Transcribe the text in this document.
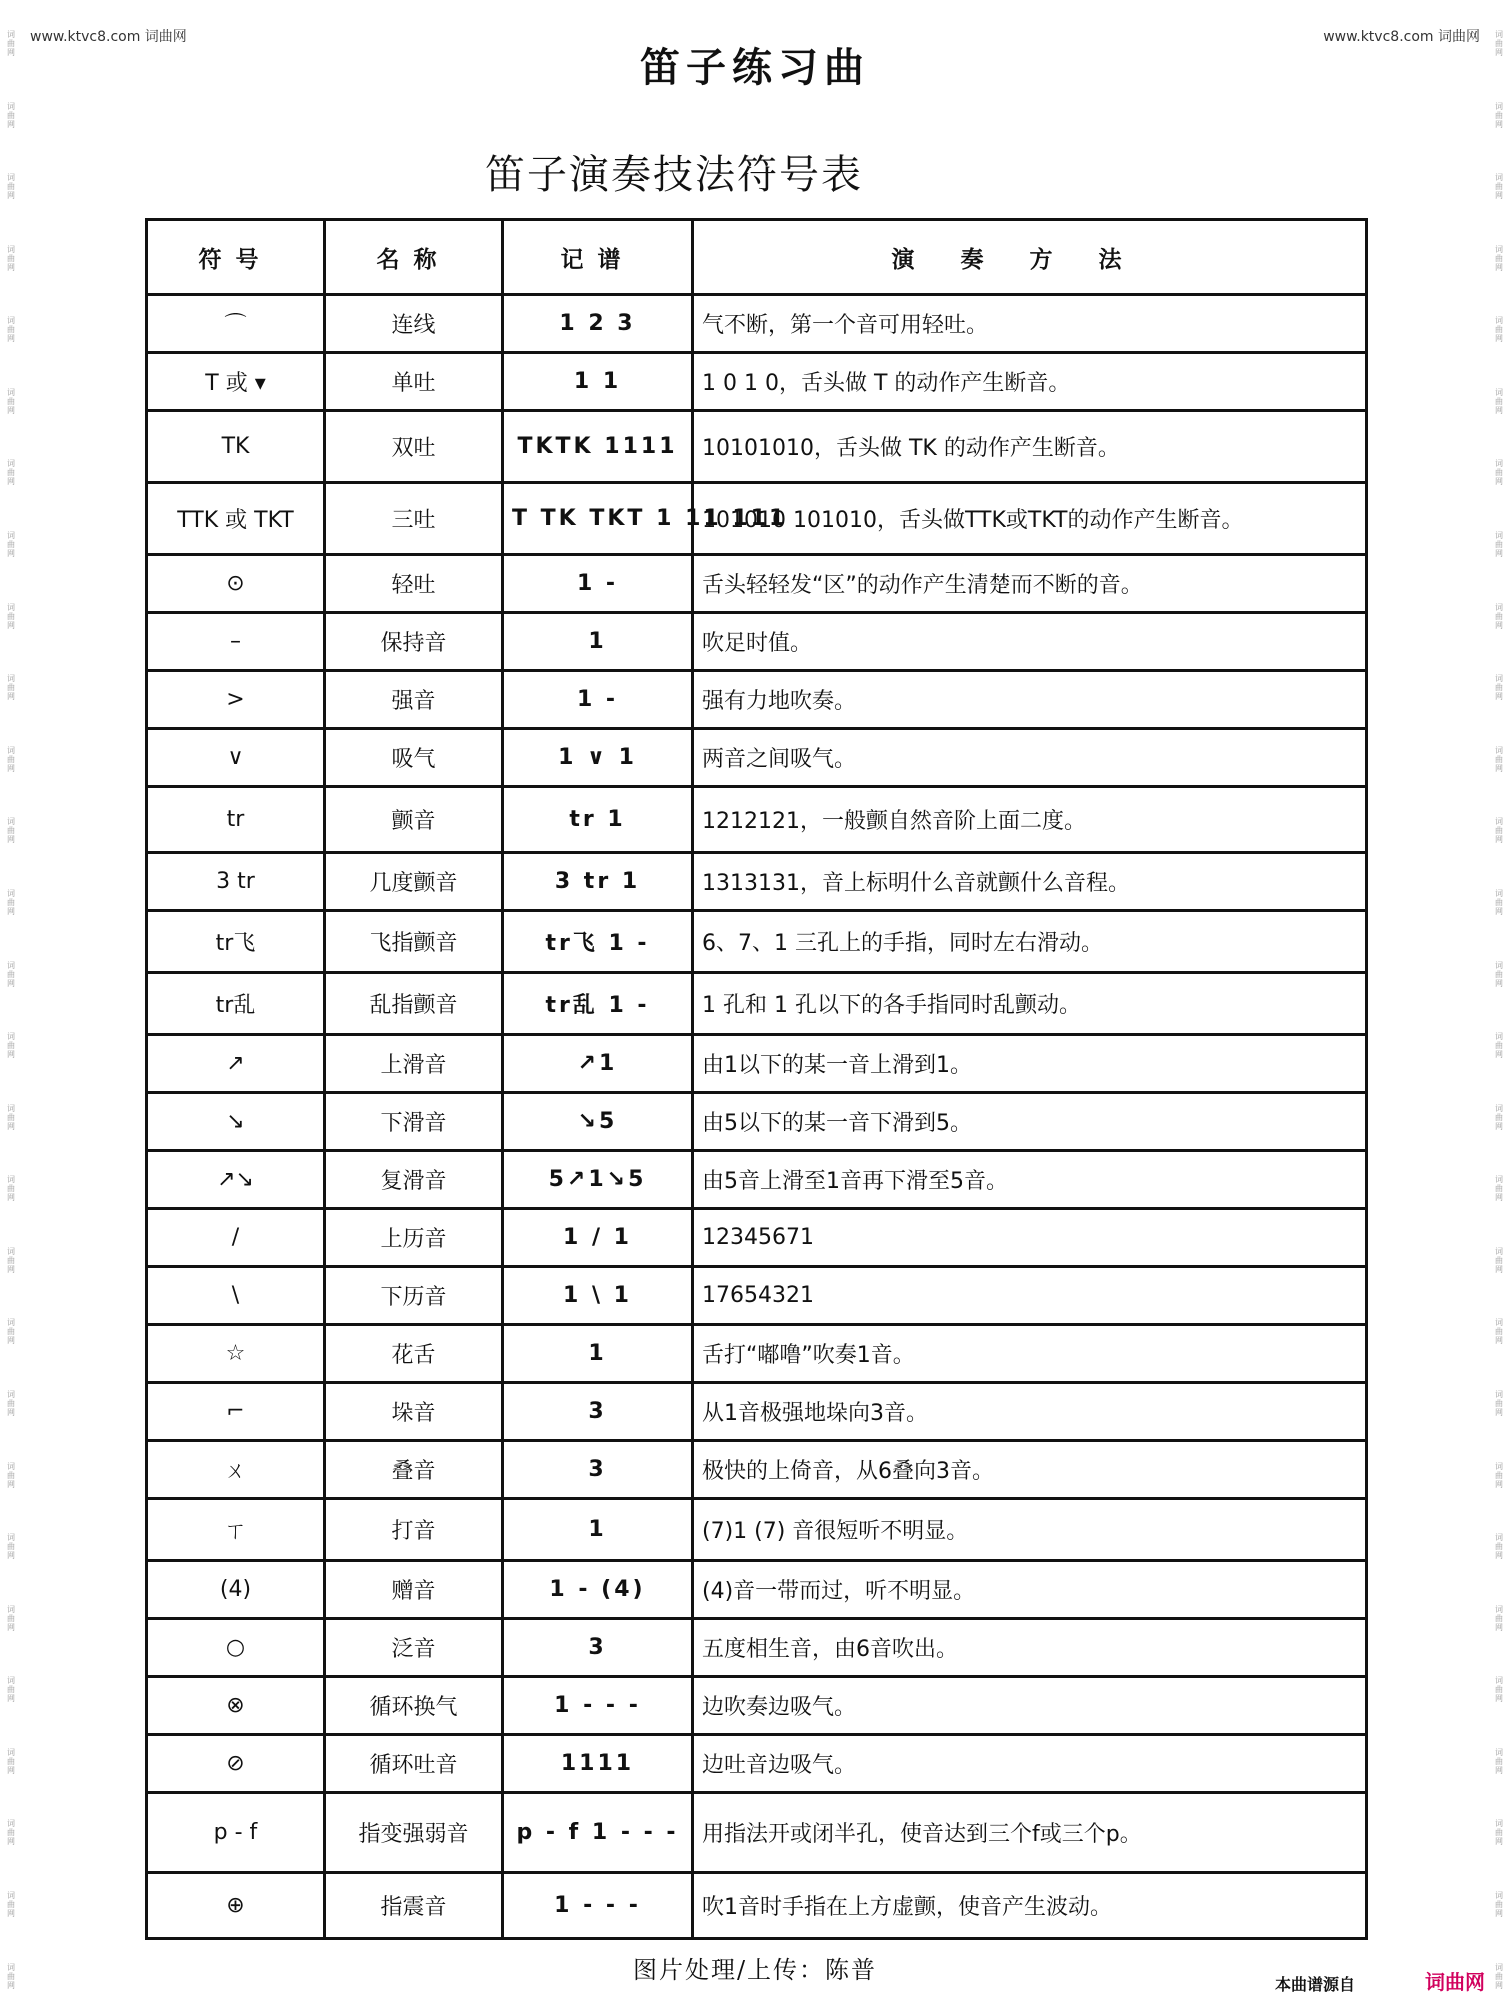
www.ktvc8.com 词曲网	www.ktvc8.com 词曲网
词曲网
词曲网
词曲网
词曲网
词曲网
词曲网
词曲网
词曲网
词曲网
词曲网
词曲网
词曲网
词曲网
词曲网
词曲网
词曲网
词曲网
词曲网
词曲网
词曲网
词曲网
词曲网
词曲网
词曲网
词曲网
词曲网
词曲网
词曲网
词曲网
词曲网
词曲网
词曲网
词曲网
词曲网
词曲网
词曲网
词曲网
词曲网
词曲网
词曲网
词曲网
词曲网
词曲网
词曲网
词曲网
词曲网
词曲网
词曲网
词曲网
词曲网
词曲网
词曲网
词曲网
词曲网
词曲网
词曲网
笛子练习曲
笛子演奏技法符号表
符号	名称	记谱	演奏方法
⌒	连线	1 2 3	气不断，第一个音可用轻吐。
T 或 ▾	单吐	1 1	1 0 1 0，舌头做 T 的动作产生断音。
TK	双吐	TKTK 1111	10101010，舌头做 TK 的动作产生断音。
TTK 或 TKT	三吐	T TK TKT 1 11 111	101010 101010，舌头做TTK或TKT的动作产生断音。
⊙	轻吐	1 -	舌头轻轻发“区”的动作产生清楚而不断的音。
–	保持音	1	吹足时值。
>	强音	1 -	强有力地吹奏。
∨	吸气	1 ∨ 1	两音之间吸气。
tr	颤音	tr 1	1212121，一般颤自然音阶上面二度。
3 tr	几度颤音	3 tr 1	1313131，音上标明什么音就颤什么音程。
tr飞	飞指颤音	tr飞 1 -	6、7、1 三孔上的手指，同时左右滑动。
tr乱	乱指颤音	tr乱 1 -	1 孔和 1 孔以下的各手指同时乱颤动。
↗	上滑音	↗1	由1以下的某一音上滑到1。
↘	下滑音	↘5	由5以下的某一音下滑到5。
↗↘	复滑音	5↗1↘5	由5音上滑至1音再下滑至5音。
/	上历音	1 / 1	12345671
\	下历音	1 \ 1	17654321
☆	花舌	1	舌打“嘟噜”吹奏1音。
⌐	垛音	3	从1音极强地垛向3音。
ㄨ	叠音	3	极快的上倚音，从6叠向3音。
ㄒ	打音	1	(7)1 (7) 音很短听不明显。
(4)	赠音	1 - (4)	(4)音一带而过，听不明显。
○	泛音	3	五度相生音，由6音吹出。
⊗	循环换气	1 - - -	边吹奏边吸气。
⊘	循环吐音	1111	边吐音边吸气。
p - f	指变强弱音	p - f 1 - - -	用指法开或闭半孔，使音达到三个f或三个p。
⊕	指震音	1 - - -	吹1音时手指在上方虚颤，使音产生波动。
图片处理/上传：陈普
本曲谱源自	词曲网
